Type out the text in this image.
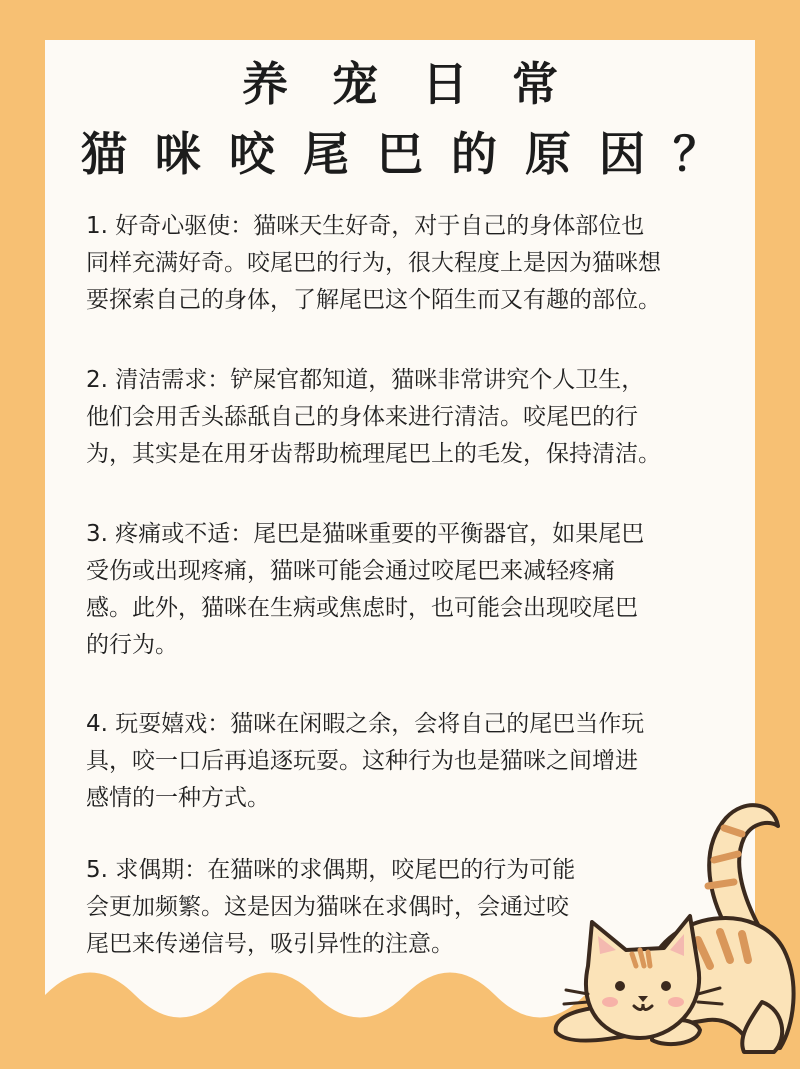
养宠日常
猫咪咬尾巴的原因？

1. 好奇心驱使：猫咪天生好奇，对于自己的身体部位也
同样充满好奇。咬尾巴的行为，很大程度上是因为猫咪想
要探索自己的身体，了解尾巴这个陌生而又有趣的部位。

2. 清洁需求：铲屎官都知道，猫咪非常讲究个人卫生，
他们会用舌头舔舐自己的身体来进行清洁。咬尾巴的行
为，其实是在用牙齿帮助梳理尾巴上的毛发，保持清洁。

3. 疼痛或不适：尾巴是猫咪重要的平衡器官，如果尾巴
受伤或出现疼痛，猫咪可能会通过咬尾巴来减轻疼痛
感。此外，猫咪在生病或焦虑时，也可能会出现咬尾巴
的行为。

4. 玩耍嬉戏：猫咪在闲暇之余，会将自己的尾巴当作玩
具，咬一口后再追逐玩耍。这种行为也是猫咪之间增进
感情的一种方式。

5. 求偶期：在猫咪的求偶期，咬尾巴的行为可能
会更加频繁。这是因为猫咪在求偶时，会通过咬
尾巴来传递信号，吸引异性的注意。
